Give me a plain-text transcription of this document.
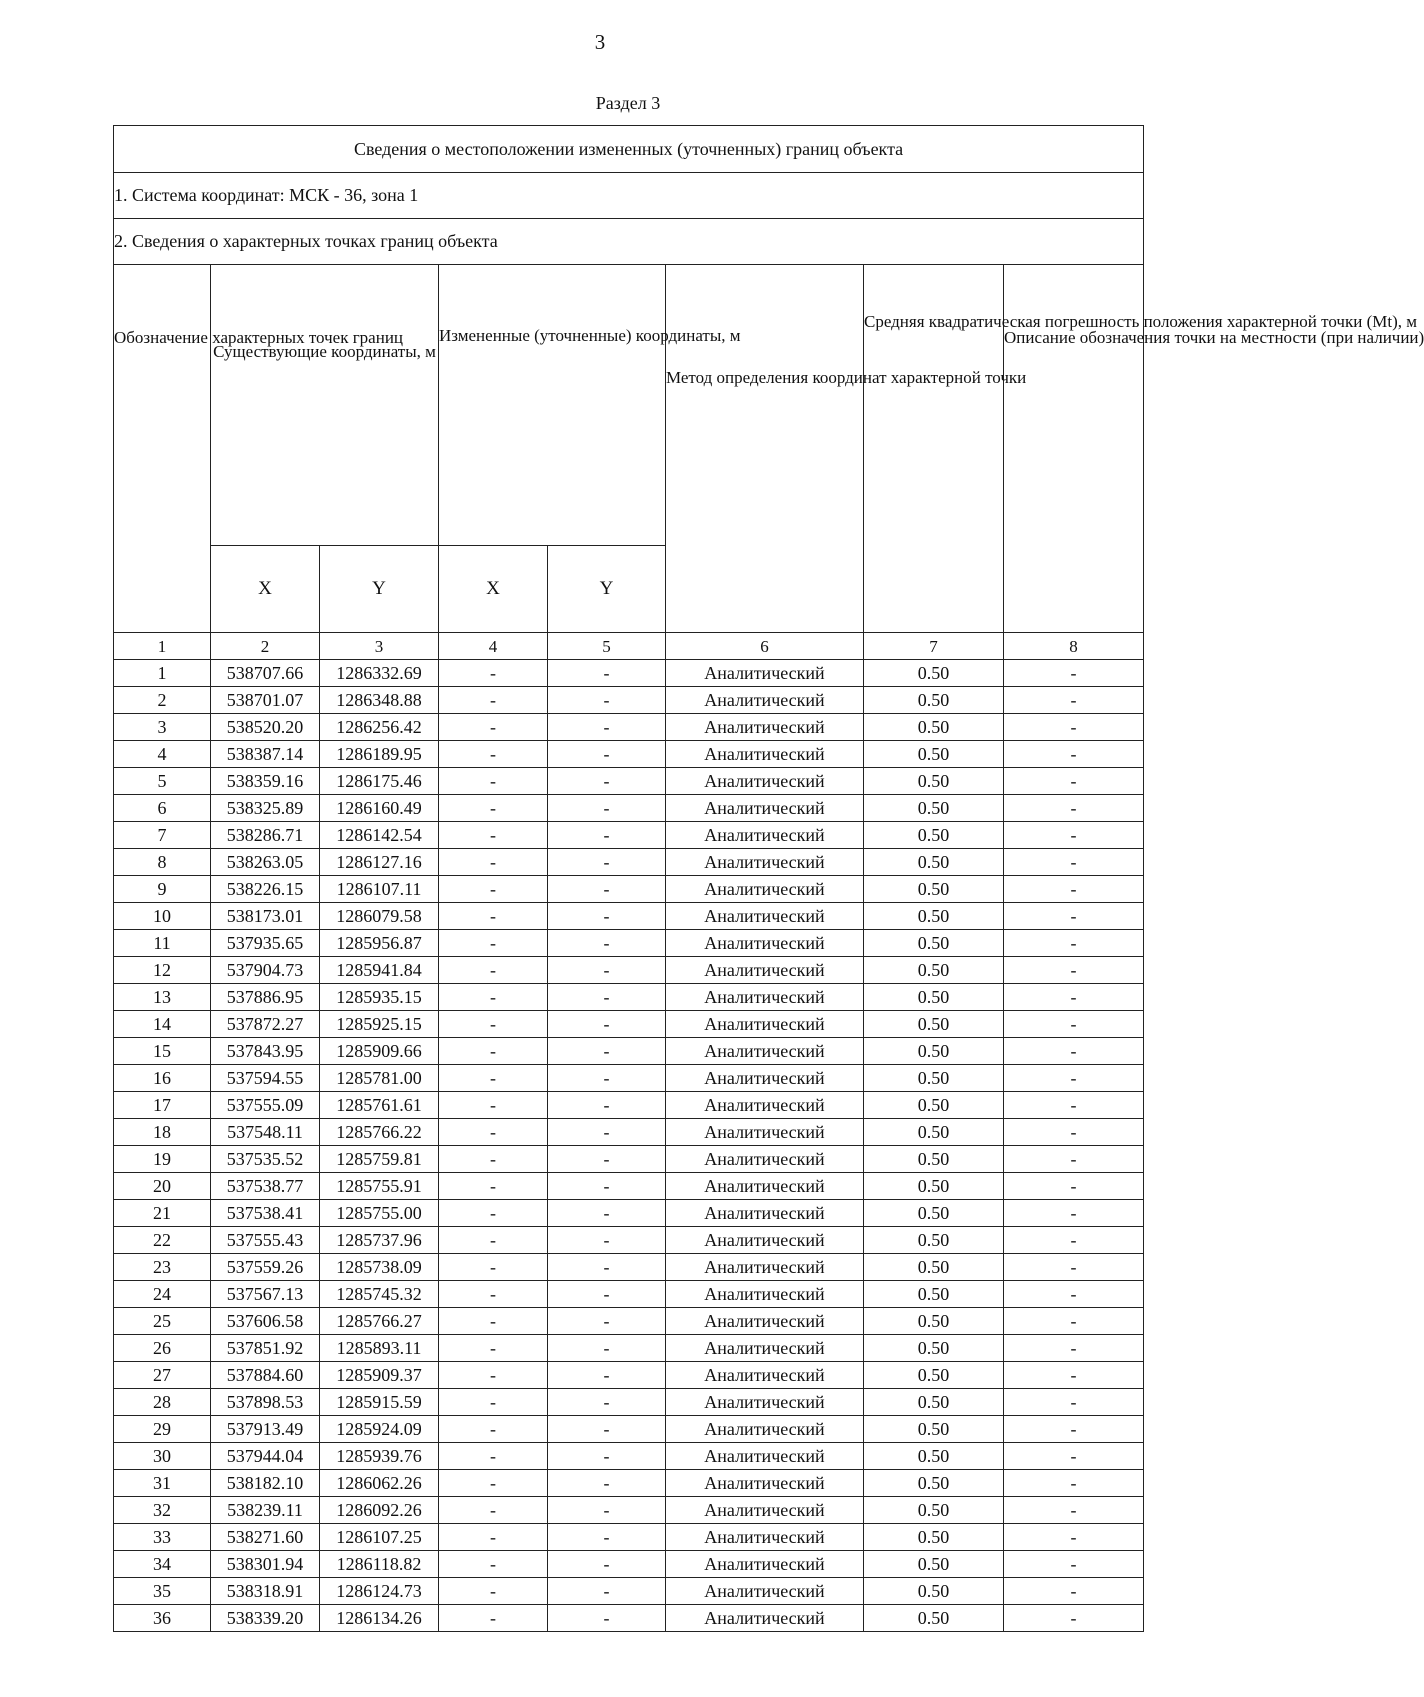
3
Раздел 3
Сведения о местоположении измененных (уточненных) границ объекта							
1. Система координат: МСК - 36, зона 1							
2. Сведения о характерных точках границ объекта							
Обозначение характерных точек границ	Существующие координаты, м		Измененные (уточненные) координаты, м		Метод определения координат характерной точки	Средняя квадратическая погрешность положения характерной точки (Mt), м	Описание обозначения точки на местности (при наличии)
	X	Y	X	Y			
1	2	3	4	5	6	7	8
1	538707.66	1286332.69	-	-	Аналитический	0.50	-
2	538701.07	1286348.88	-	-	Аналитический	0.50	-
3	538520.20	1286256.42	-	-	Аналитический	0.50	-
4	538387.14	1286189.95	-	-	Аналитический	0.50	-
5	538359.16	1286175.46	-	-	Аналитический	0.50	-
6	538325.89	1286160.49	-	-	Аналитический	0.50	-
7	538286.71	1286142.54	-	-	Аналитический	0.50	-
8	538263.05	1286127.16	-	-	Аналитический	0.50	-
9	538226.15	1286107.11	-	-	Аналитический	0.50	-
10	538173.01	1286079.58	-	-	Аналитический	0.50	-
11	537935.65	1285956.87	-	-	Аналитический	0.50	-
12	537904.73	1285941.84	-	-	Аналитический	0.50	-
13	537886.95	1285935.15	-	-	Аналитический	0.50	-
14	537872.27	1285925.15	-	-	Аналитический	0.50	-
15	537843.95	1285909.66	-	-	Аналитический	0.50	-
16	537594.55	1285781.00	-	-	Аналитический	0.50	-
17	537555.09	1285761.61	-	-	Аналитический	0.50	-
18	537548.11	1285766.22	-	-	Аналитический	0.50	-
19	537535.52	1285759.81	-	-	Аналитический	0.50	-
20	537538.77	1285755.91	-	-	Аналитический	0.50	-
21	537538.41	1285755.00	-	-	Аналитический	0.50	-
22	537555.43	1285737.96	-	-	Аналитический	0.50	-
23	537559.26	1285738.09	-	-	Аналитический	0.50	-
24	537567.13	1285745.32	-	-	Аналитический	0.50	-
25	537606.58	1285766.27	-	-	Аналитический	0.50	-
26	537851.92	1285893.11	-	-	Аналитический	0.50	-
27	537884.60	1285909.37	-	-	Аналитический	0.50	-
28	537898.53	1285915.59	-	-	Аналитический	0.50	-
29	537913.49	1285924.09	-	-	Аналитический	0.50	-
30	537944.04	1285939.76	-	-	Аналитический	0.50	-
31	538182.10	1286062.26	-	-	Аналитический	0.50	-
32	538239.11	1286092.26	-	-	Аналитический	0.50	-
33	538271.60	1286107.25	-	-	Аналитический	0.50	-
34	538301.94	1286118.82	-	-	Аналитический	0.50	-
35	538318.91	1286124.73	-	-	Аналитический	0.50	-
36	538339.20	1286134.26	-	-	Аналитический	0.50	-
